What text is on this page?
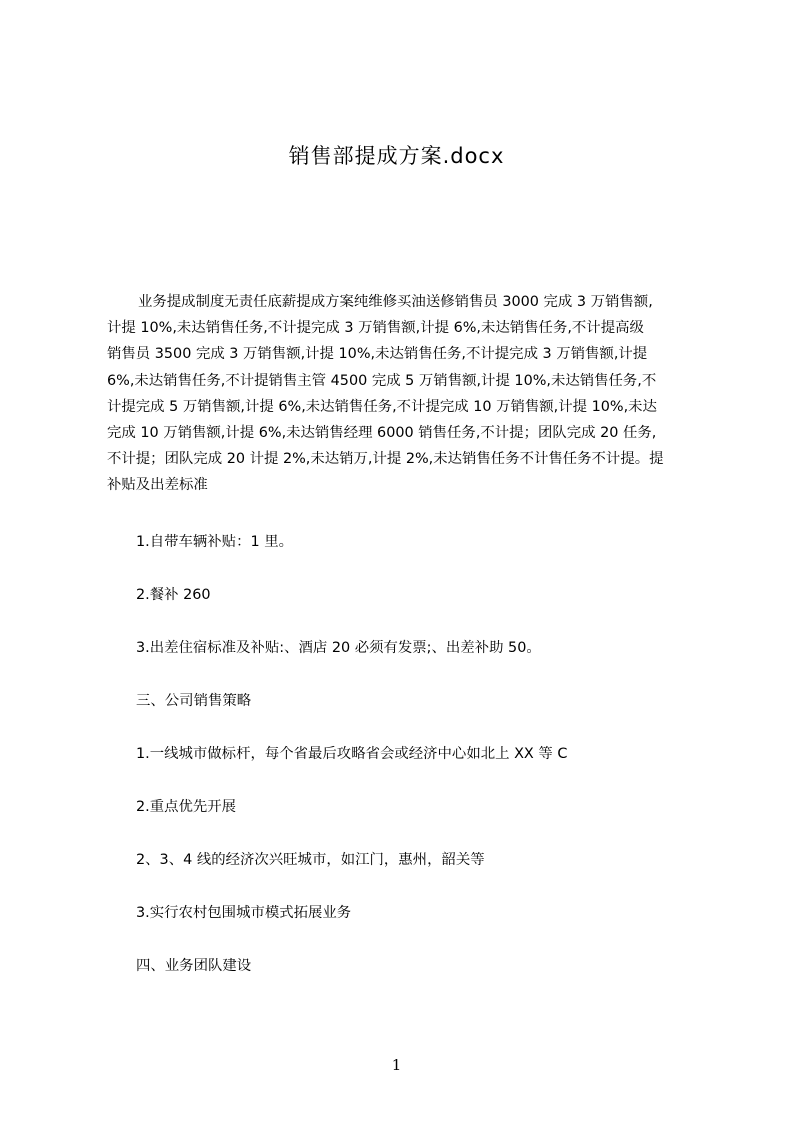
销售部提成方案.docx
业务提成制度无责任底薪提成方案纯维修买油送修销售员 3000 完成 3 万销售额,
计提 10%,未达销售任务,不计提完成 3 万销售额,计提 6%,未达销售任务,不计提高级
销售员 3500 完成 3 万销售额,计提 10%,未达销售任务,不计提完成 3 万销售额,计提
6%,未达销售任务,不计提销售主管 4500 完成 5 万销售额,计提 10%,未达销售任务,不
计提完成 5 万销售额,计提 6%,未达销售任务,不计提完成 10 万销售额,计提 10%,未达
完成 10 万销售额,计提 6%,未达销售经理 6000 销售任务,不计提；团队完成 20 任务,
不计提；团队完成 20 计提 2%,未达销万,计提 2%,未达销售任务不计售任务不计提。提
补贴及出差标准
1.自带车辆补贴：1 里。
2.餐补 260
3.出差住宿标准及补贴:、酒店 20 必须有发票;、出差补助 50。
三、公司销售策略
1.一线城市做标杆，每个省最后攻略省会或经济中心如北上 XX 等 C
2.重点优先开展
2、3、4 线的经济次兴旺城市，如江门，惠州，韶关等
3.实行农村包围城市模式拓展业务
四、业务团队建设
1
